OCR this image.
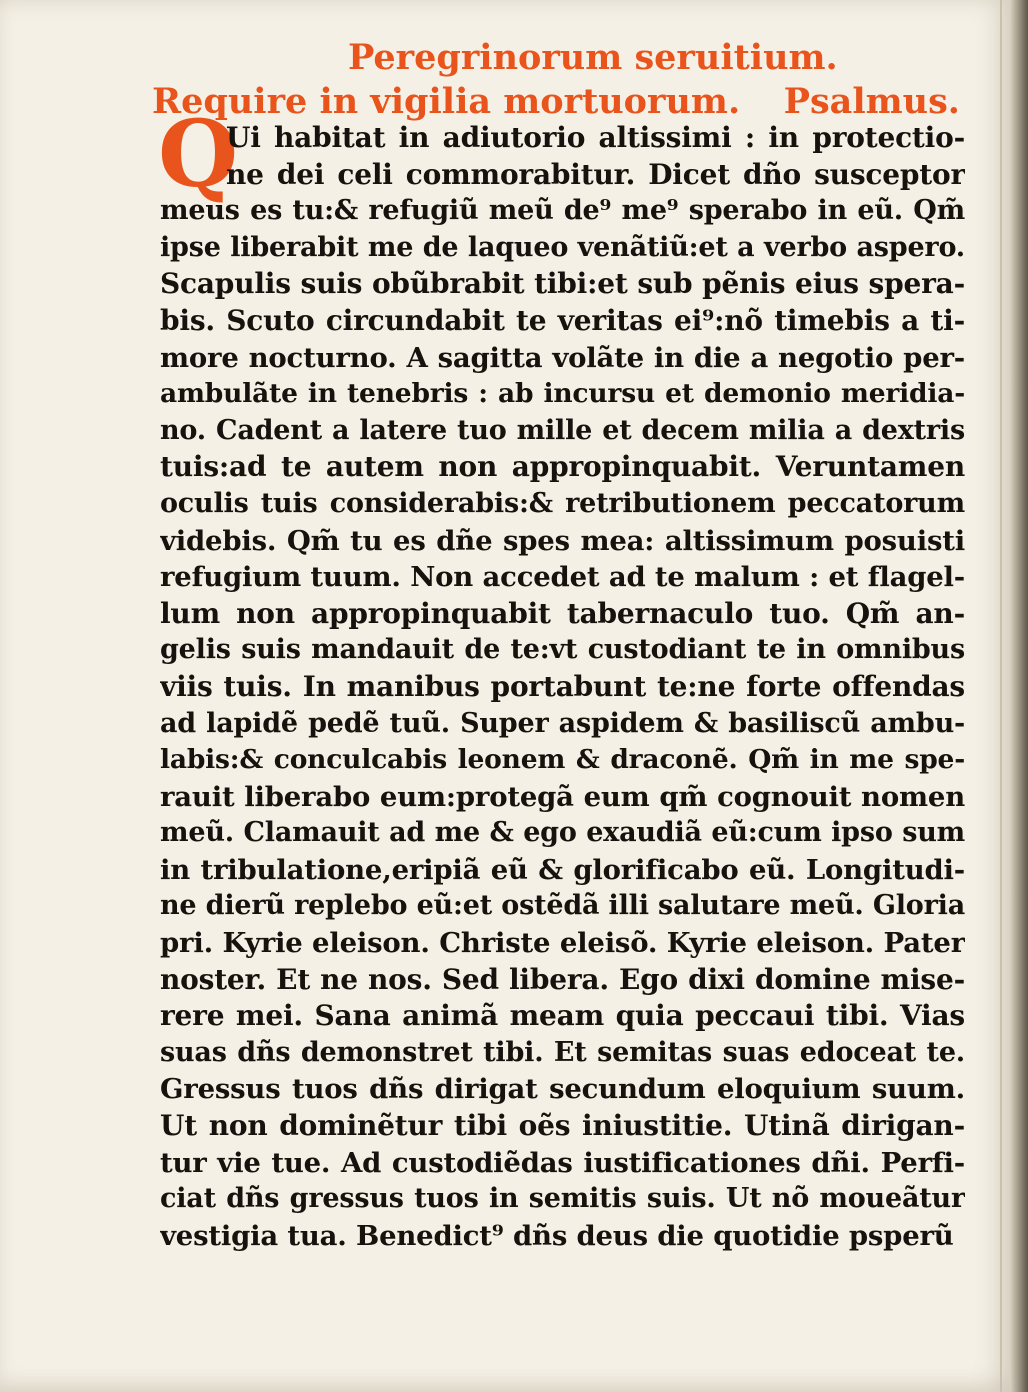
Peregrinorum seruitium.
Require in vigilia mortuorum. Psalmus.
Q
Ui habitat in adiutorio altissimi : in protectio-
ne dei celi commorabitur. Dicet dño susceptor
meus es tu:& refugiũ meũ de⁹ me⁹ sperabo in eũ. Qm̃
ipse liberabit me de laqueo venãtiũ:et a verbo aspero.
Scapulis suis obũbrabit tibi:et sub pẽnis eius spera-
bis. Scuto circundabit te veritas ei⁹:nõ timebis a ti-
more nocturno. A sagitta volãte in die a negotio per-
ambulãte in tenebris : ab incursu et demonio meridia-
no. Cadent a latere tuo mille et decem milia a dextris
tuis:ad te autem non appropinquabit. Veruntamen
oculis tuis considerabis:& retributionem peccatorum
videbis. Qm̃ tu es dñe spes mea: altissimum posuisti
refugium tuum. Non accedet ad te malum : et flagel-
lum non appropinquabit tabernaculo tuo. Qm̃ an-
gelis suis mandauit de te:vt custodiant te in omnibus
viis tuis. In manibus portabunt te:ne forte offendas
ad lapidẽ pedẽ tuũ. Super aspidem & basiliscũ ambu-
labis:& conculcabis leonem & draconẽ. Qm̃ in me spe-
rauit liberabo eum:protegã eum qm̃ cognouit nomen
meũ. Clamauit ad me & ego exaudiã eũ:cum ipso sum
in tribulatione,eripiã eũ & glorificabo eũ. Longitudi-
ne dierũ replebo eũ:et ostẽdã illi salutare meũ. Gloria
pri. Kyrie eleison. Christe eleisõ. Kyrie eleison. Pater
noster. Et ne nos. Sed libera. Ego dixi domine mise-
rere mei. Sana animã meam quia peccaui tibi. Vias
suas dñs demonstret tibi. Et semitas suas edoceat te.
Gressus tuos dñs dirigat secundum eloquium suum.
Ut non dominẽtur tibi oẽs iniustitie. Utinã dirigan-
tur vie tue. Ad custodiẽdas iustificationes dñi. Perfi-
ciat dñs gressus tuos in semitis suis. Ut nõ moueãtur
vestigia tua. Benedict⁹ dñs deus die quotidie psperũ
